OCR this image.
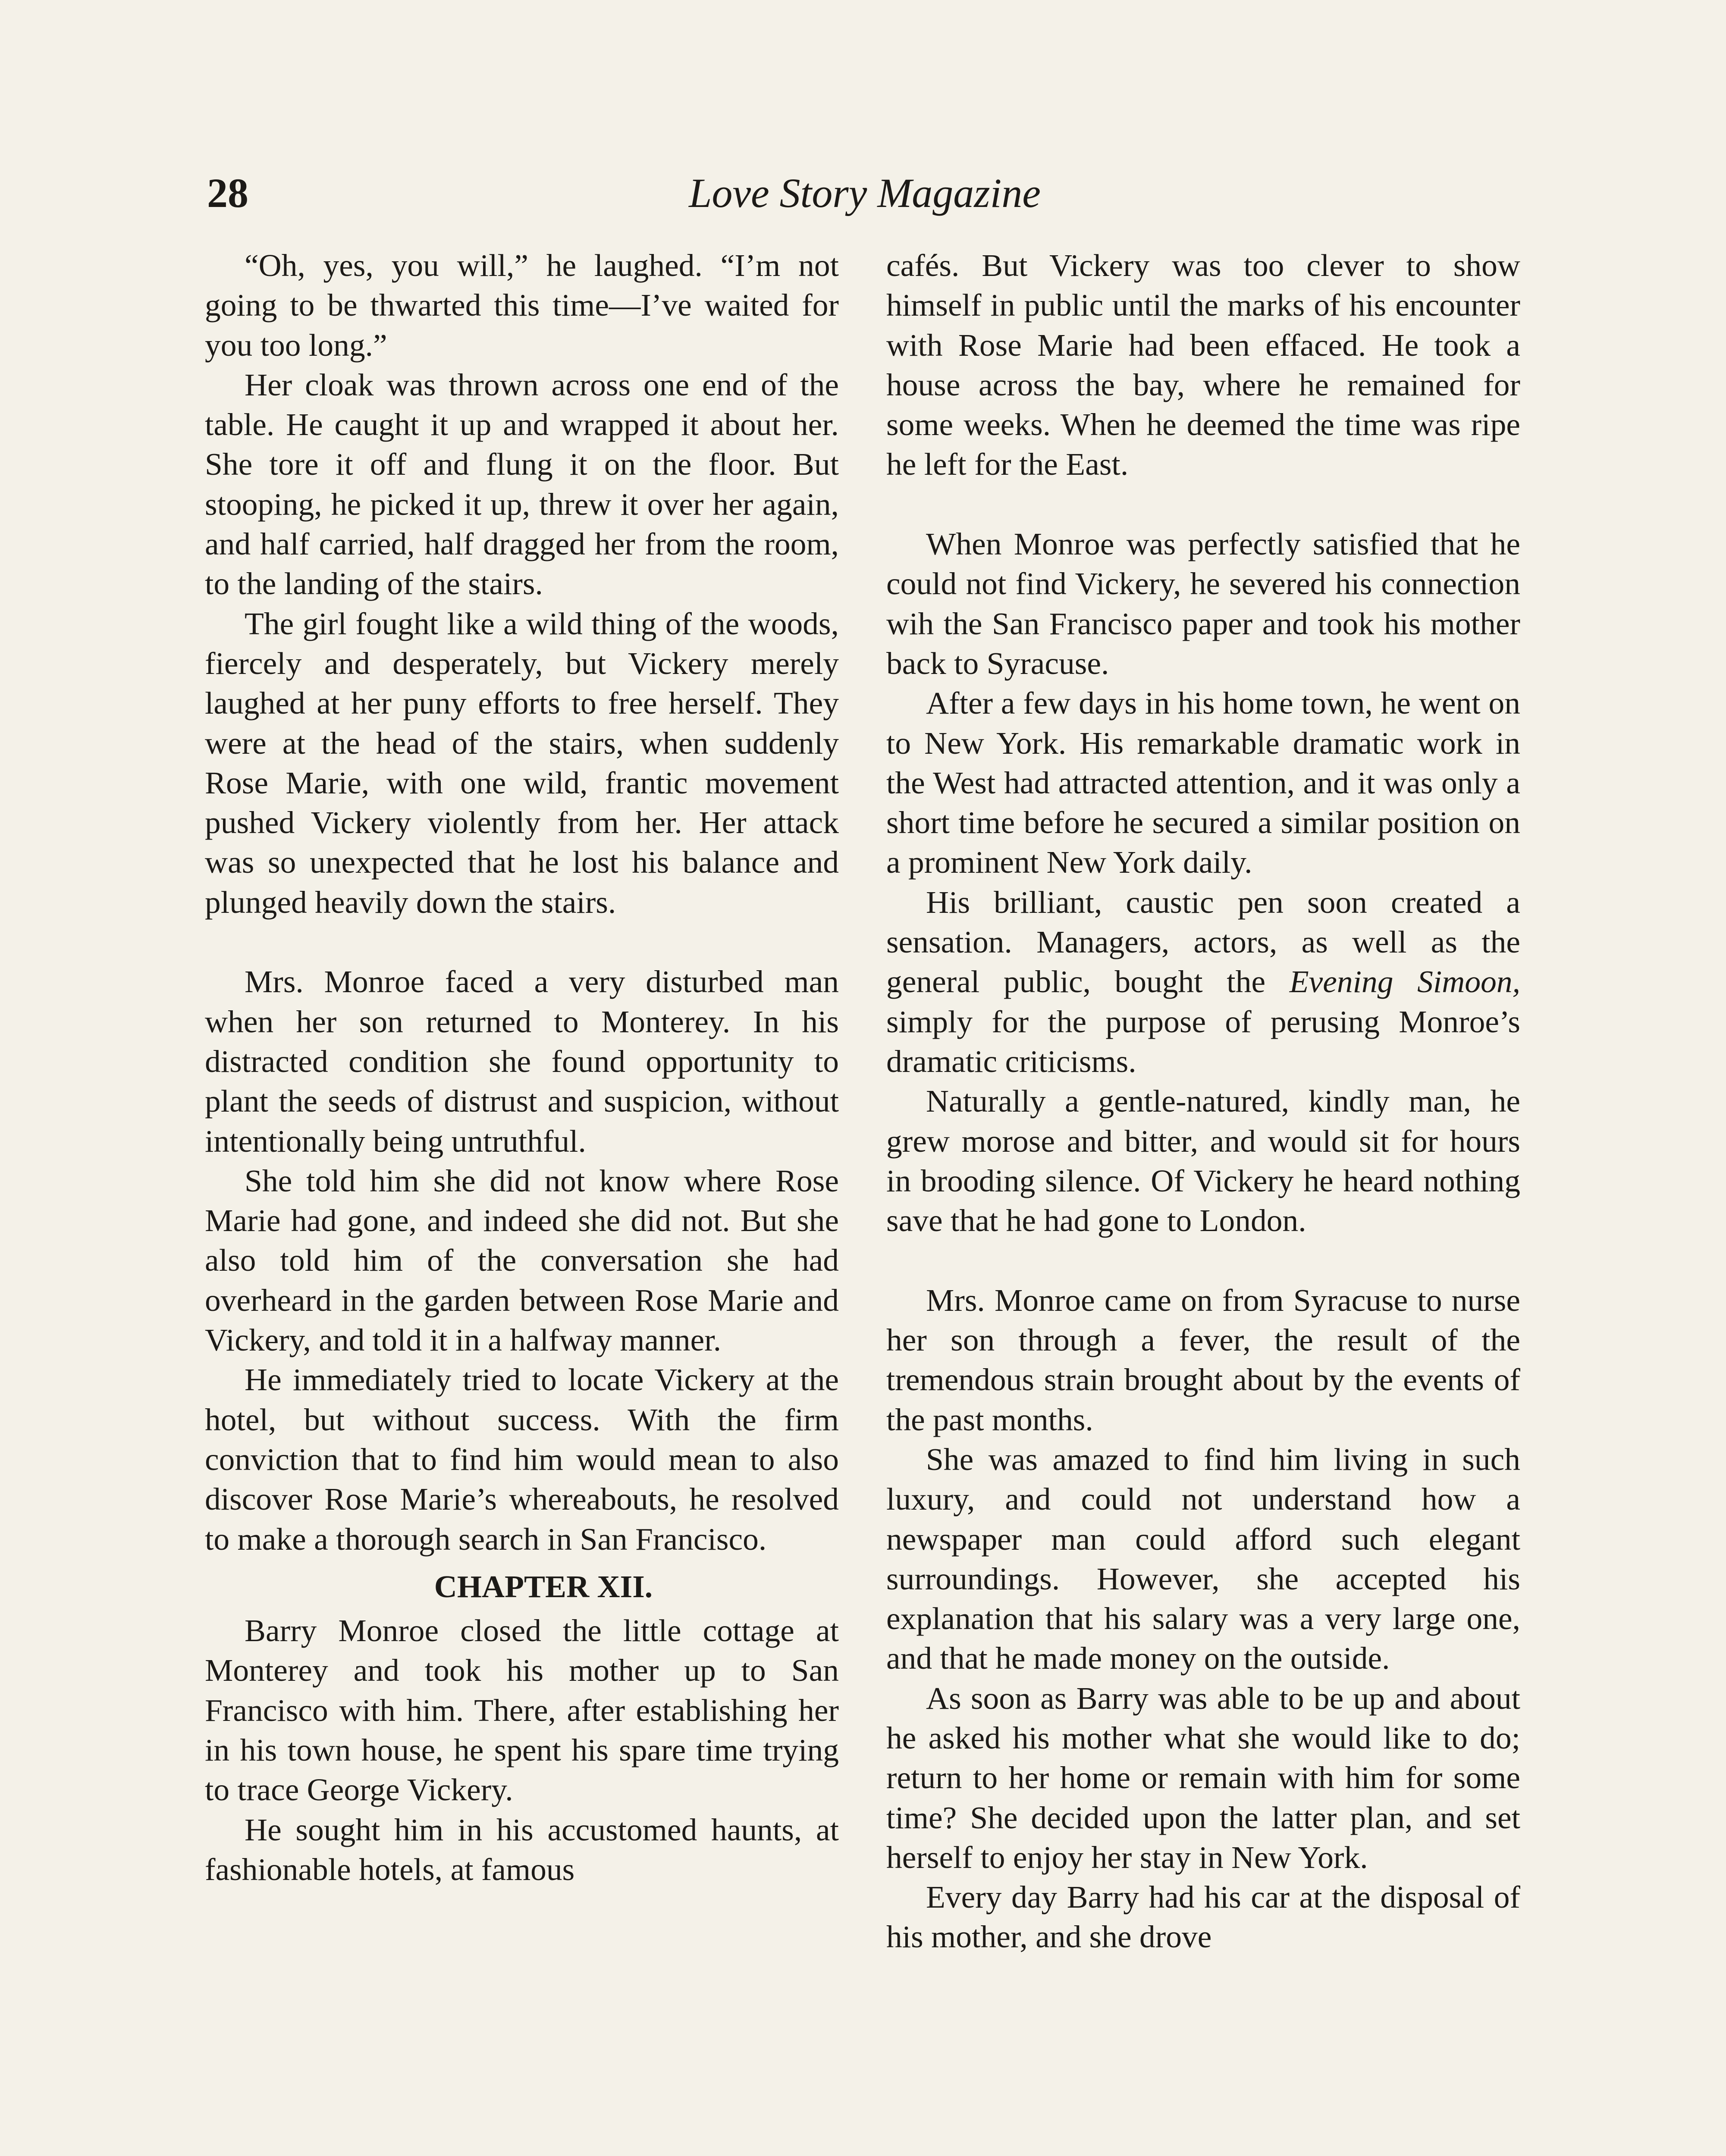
28	Love Story Magazine

“Oh, yes, you will,” he laughed. “I’m not going to be thwarted this time—I’ve waited for you too long.”

Her cloak was thrown across one end of the table. He caught it up and wrapped it about her. She tore it off and flung it on the floor. But stooping, he picked it up, threw it over her again, and half carried, half dragged her from the room, to the landing of the stairs.

The girl fought like a wild thing of the woods, fiercely and desperately, but Vickery merely laughed at her puny efforts to free herself. They were at the head of the stairs, when suddenly Rose Marie, with one wild, frantic movement pushed Vickery violently from her. Her attack was so unexpected that he lost his balance and plunged heavily down the stairs.

Mrs. Monroe faced a very disturbed man when her son returned to Monterey. In his distracted condition she found opportunity to plant the seeds of distrust and suspicion, without intentionally being untruthful.

She told him she did not know where Rose Marie had gone, and indeed she did not. But she also told him of the conversation she had overheard in the garden between Rose Marie and Vickery, and told it in a halfway manner.

He immediately tried to locate Vickery at the hotel, but without success. With the firm conviction that to find him would mean to also discover Rose Marie’s whereabouts, he resolved to make a thorough search in San Francisco.

CHAPTER XII.

Barry Monroe closed the little cottage at Monterey and took his mother up to San Francisco with him. There, after establishing her in his town house, he spent his spare time trying to trace George Vickery.

He sought him in his accustomed haunts, at fashionable hotels, at famous

cafés. But Vickery was too clever to show himself in public until the marks of his encounter with Rose Marie had been effaced. He took a house across the bay, where he remained for some weeks. When he deemed the time was ripe he left for the East.

When Monroe was perfectly satisfied that he could not find Vickery, he severed his connection wih the San Francisco paper and took his mother back to Syracuse.

After a few days in his home town, he went on to New York. His remarkable dramatic work in the West had attracted attention, and it was only a short time before he secured a similar position on a prominent New York daily.

His brilliant, caustic pen soon created a sensation. Managers, actors, as well as the general public, bought the Evening Simoon, simply for the purpose of perusing Monroe’s dramatic criticisms.

Naturally a gentle-natured, kindly man, he grew morose and bitter, and would sit for hours in brooding silence. Of Vickery he heard nothing save that he had gone to London.

Mrs. Monroe came on from Syracuse to nurse her son through a fever, the result of the tremendous strain brought about by the events of the past months.

She was amazed to find him living in such luxury, and could not understand how a newspaper man could afford such elegant surroundings. However, she accepted his explanation that his salary was a very large one, and that he made money on the outside.

As soon as Barry was able to be up and about he asked his mother what she would like to do; return to her home or remain with him for some time? She decided upon the latter plan, and set herself to enjoy her stay in New York.

Every day Barry had his car at the disposal of his mother, and she drove
